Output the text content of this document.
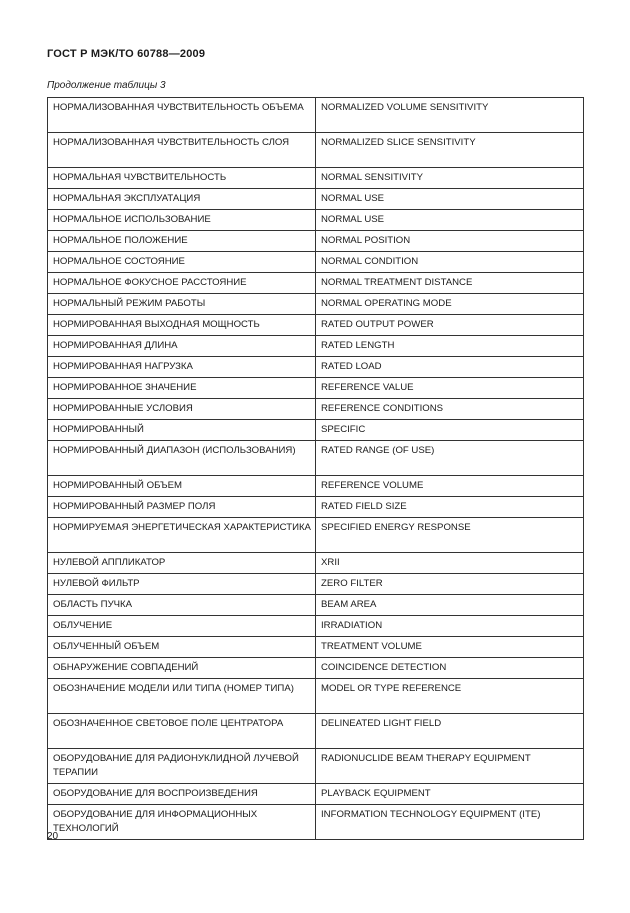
ГОСТ Р МЭК/ТО 60788—2009
Продолжение таблицы 3
НОРМАЛИЗОВАННАЯ ЧУВСТВИТЕЛЬНОСТЬ ОБЪЕМА	NORMALIZED VOLUME SENSITIVITY
НОРМАЛИЗОВАННАЯ ЧУВСТВИТЕЛЬНОСТЬ СЛОЯ	NORMALIZED SLICE SENSITIVITY
НОРМАЛЬНАЯ ЧУВСТВИТЕЛЬНОСТЬ	NORMAL SENSITIVITY
НОРМАЛЬНАЯ ЭКСПЛУАТАЦИЯ	NORMAL USE
НОРМАЛЬНОЕ ИСПОЛЬЗОВАНИЕ	NORMAL USE
НОРМАЛЬНОЕ ПОЛОЖЕНИЕ	NORMAL POSITION
НОРМАЛЬНОЕ СОСТОЯНИЕ	NORMAL CONDITION
НОРМАЛЬНОЕ ФОКУСНОЕ РАССТОЯНИЕ	NORMAL TREATMENT DISTANCE
НОРМАЛЬНЫЙ РЕЖИМ РАБОТЫ	NORMAL OPERATING MODE
НОРМИРОВАННАЯ ВЫХОДНАЯ МОЩНОСТЬ	RATED OUTPUT POWER
НОРМИРОВАННАЯ ДЛИНА	RATED LENGTH
НОРМИРОВАННАЯ НАГРУЗКА	RATED LOAD
НОРМИРОВАННОЕ ЗНАЧЕНИЕ	REFERENCE VALUE
НОРМИРОВАННЫЕ УСЛОВИЯ	REFERENCE CONDITIONS
НОРМИРОВАННЫЙ	SPECIFIC
НОРМИРОВАННЫЙ ДИАПАЗОН (ИСПОЛЬЗОВАНИЯ)	RATED RANGE (OF USE)
НОРМИРОВАННЫЙ ОБЪЕМ	REFERENCE VOLUME
НОРМИРОВАННЫЙ РАЗМЕР ПОЛЯ	RATED FIELD SIZE
НОРМИРУЕМАЯ ЭНЕРГЕТИЧЕСКАЯ ХАРАКТЕРИСТИКА	SPECIFIED ENERGY RESPONSE
НУЛЕВОЙ АППЛИКАТОР	XRII
НУЛЕВОЙ ФИЛЬТР	ZERO FILTER
ОБЛАСТЬ ПУЧКА	BEAM AREA
ОБЛУЧЕНИЕ	IRRADIATION
ОБЛУЧЕННЫЙ ОБЪЕМ	TREATMENT VOLUME
ОБНАРУЖЕНИЕ СОВПАДЕНИЙ	COINCIDENCE DETECTION
ОБОЗНАЧЕНИЕ МОДЕЛИ ИЛИ ТИПА (НОМЕР ТИПА)	MODEL OR TYPE REFERENCE
ОБОЗНАЧЕННОЕ СВЕТОВОЕ ПОЛЕ ЦЕНТРАТОРА	DELINEATED LIGHT FIELD
ОБОРУДОВАНИЕ ДЛЯ РАДИОНУКЛИДНОЙ ЛУЧЕВОЙ ТЕРАПИИ	RADIONUCLIDE BEAM THERAPY EQUIPMENT
ОБОРУДОВАНИЕ ДЛЯ ВОСПРОИЗВЕДЕНИЯ	PLAYBACK EQUIPMENT
ОБОРУДОВАНИЕ ДЛЯ ИНФОРМАЦИОННЫХ ТЕХНОЛОГИЙ	INFORMATION TECHNOLOGY EQUIPMENT (ITE)
20
